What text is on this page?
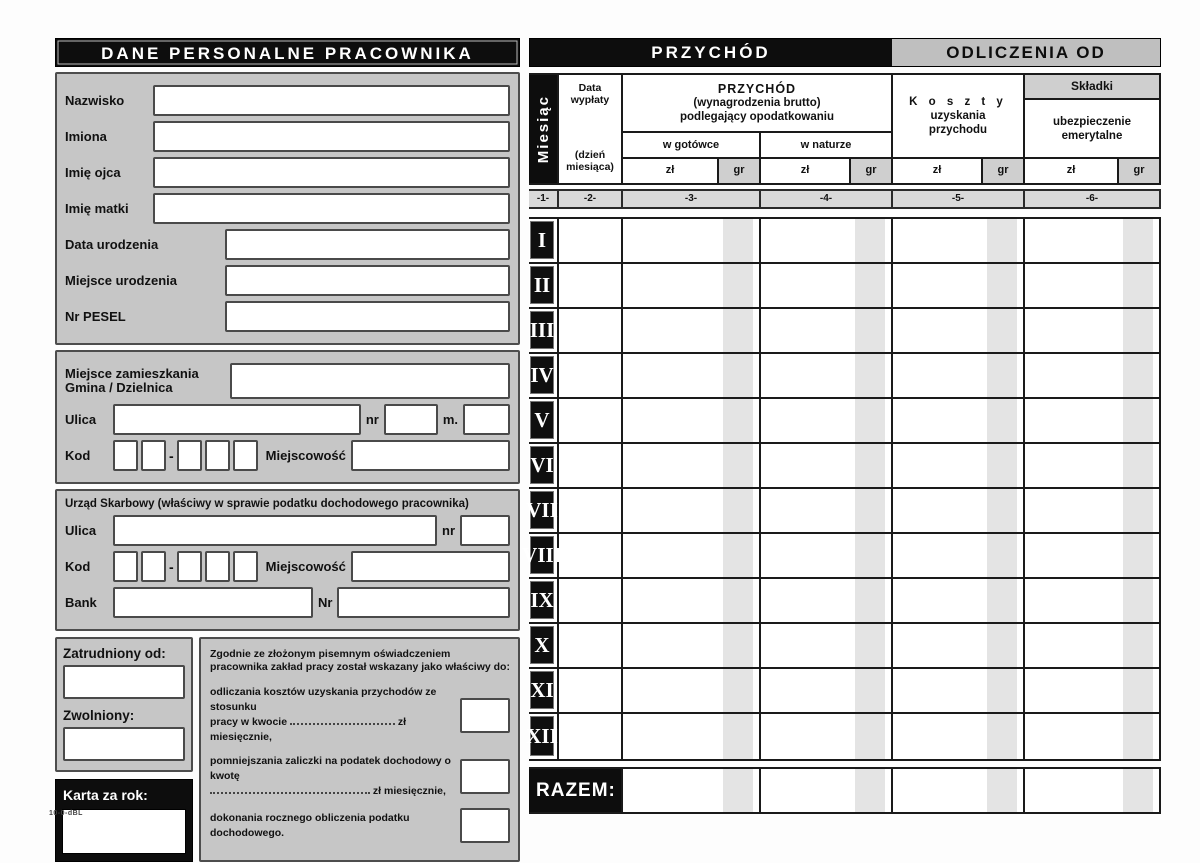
DANE PERSONALNE PRACOWNIKA
Nazwisko
Imiona
Imię ojca
Imię matki
Data urodzenia
Miejsce urodzenia
Nr PESEL
Miejsce zamieszkania
Gmina / Dzielnica
Ulica	nr	m.
Kod	-	Miejscowość
Urząd Skarbowy (właściwy w sprawie podatku dochodowego pracownika)
Ulica	nr
Kod	-	Miejscowość
Bank	Nr
Zatrudniony od:
Zwolniony:
Karta za rok:
Zgodnie ze złożonym pisemnym oświadczeniem pracownika zakład pracy został wskazany jako właściwy do:
odliczania kosztów uzyskania przychodów ze stosunku
pracy w kwocie	zł miesięcznie,
pomniejszania zaliczki na podatek dochodowy o kwotę
zł miesięcznie,
dokonania rocznego obliczenia podatku dochodowego.
10-0-dBL
PRZYCHÓD	ODLICZENIA OD
Miesiąc
Data wypłaty
(dzień miesiąca)
PRZYCHÓD
(wynagrodzenia brutto)
podlegający opodatkowaniu
w gotówce
zł	gr
w naturze
zł	gr
K o s z t y
uzyskania
przychodu
zł	gr
Składki
ubezpieczenie
emerytalne
zł	gr
-1-	-2-	-3-	-4-	-5-	-6-
I
II
III
IV
V
VI
VII
VIII
IX
X
XI
XII
RAZEM:
